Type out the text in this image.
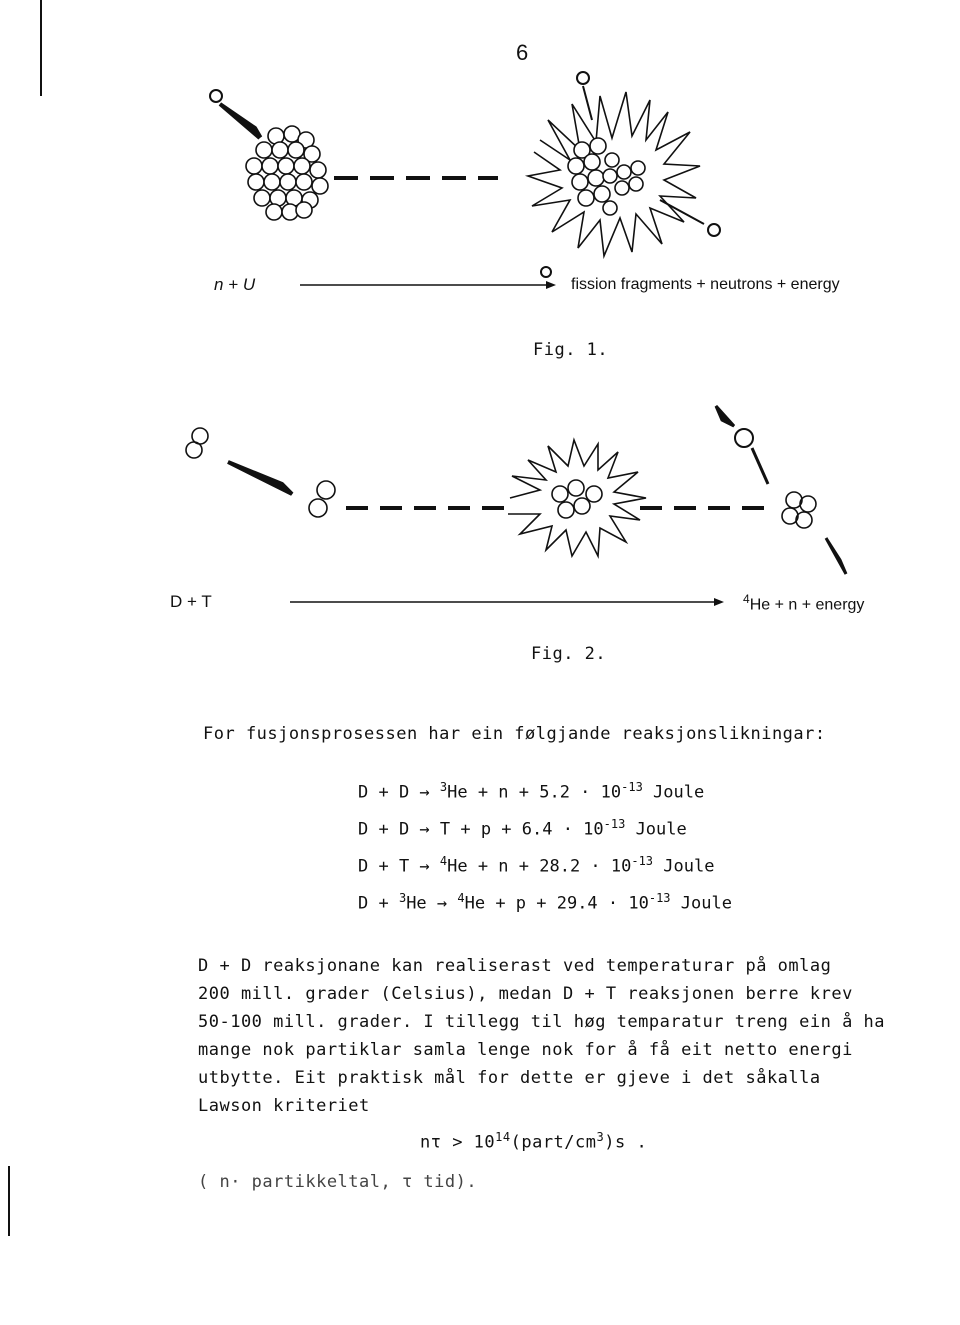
6
n + U	fission fragments + neutrons + energy
Fig. 1.
D + T	$^4$He + n + energy
Fig. 2.
For fusjonsprosessen har ein følgjande reaksjonslikningar:
$D + D \to ^3He + n + 5.2 \cdot 10^{-13}$ Joule
$D + D \to T + p + 6.4 \cdot 10^{-13}$ Joule
$D + T \to ^4He + n + 28.2 \cdot 10^{-13}$ Joule
$D + ^3He \to ^4He + p + 29.4 \cdot 10^{-13}$ Joule
D + D reaksjonane kan realiserast ved temperaturar på omlag
200 mill. grader (Celsius), medan D + T reaksjonen berre krev
50-100 mill. grader. I tillegg til høg temparatur treng ein å ha
mange nok partiklar samla lenge nok for å få eit netto energi
utbytte. Eit praktisk mål for dette er gjeve i det såkalla
Lawson kriteriet
$n\tau > 10^{14}(part/cm^3)s$ .
( n· partikkeltal, τ tid).
